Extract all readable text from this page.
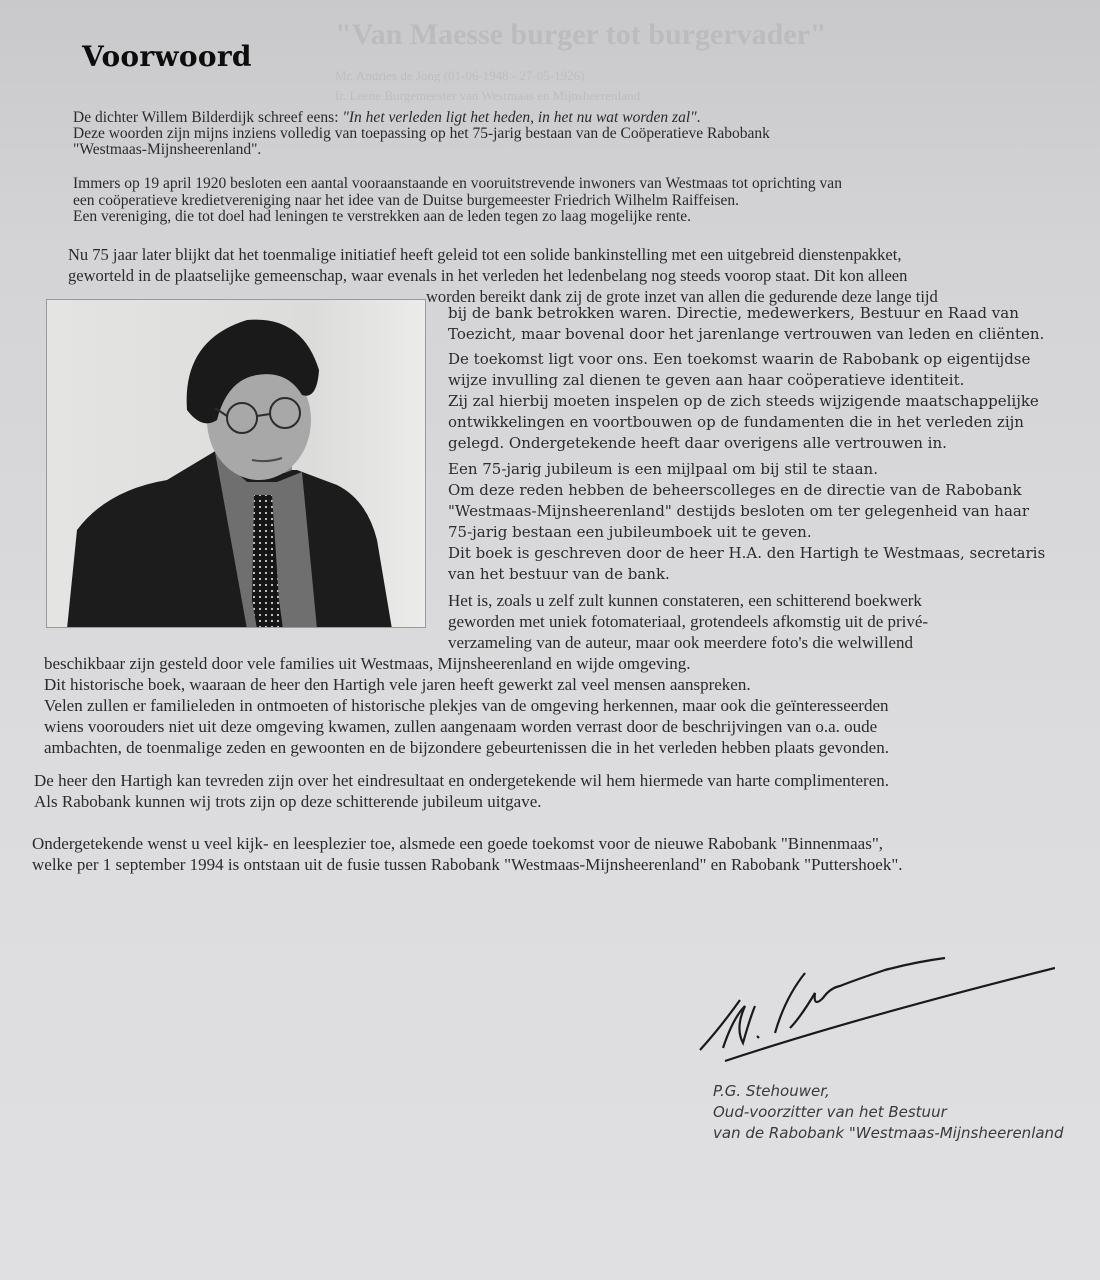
"Van Maesse burger tot burgervader"
Mr. Andries de Jong (01-06-1948 - 27-05-1926)
Ir. Leene Burgemeester van Westmaas en Mijnsheerenland
Voorwoord
De dichter Willem Bilderdijk schreef eens: "In het verleden ligt het heden, in het nu wat worden zal".
Deze woorden zijn mijns inziens volledig van toepassing op het 75-jarig bestaan van de Coöperatieve Rabobank
"Westmaas-Mijnsheerenland".
Immers op 19 april 1920 besloten een aantal vooraanstaande en vooruitstrevende inwoners van Westmaas tot oprichting van
een coöperatieve kredietvereniging naar het idee van de Duitse burgemeester Friedrich Wilhelm Raiffeisen.
Een vereniging, die tot doel had leningen te verstrekken aan de leden tegen zo laag mogelijke rente.
Nu 75 jaar later blijkt dat het toenmalige initiatief heeft geleid tot een solide bankinstelling met een uitgebreid dienstenpakket,
geworteld in de plaatselijke gemeenschap, waar evenals in het verleden het ledenbelang nog steeds voorop staat. Dit kon alleen
worden bereikt dank zij de grote inzet van allen die gedurende deze lange tijd
bij de bank betrokken waren. Directie, medewerkers, Bestuur en Raad van
Toezicht, maar bovenal door het jarenlange vertrouwen van leden en cliënten.
De toekomst ligt voor ons. Een toekomst waarin de Rabobank op eigentijdse
wijze invulling zal dienen te geven aan haar coöperatieve identiteit.
Zij zal hierbij moeten inspelen op de zich steeds wijzigende maatschappelijke
ontwikkelingen en voortbouwen op de fundamenten die in het verleden zijn
gelegd. Ondergetekende heeft daar overigens alle vertrouwen in.
Een 75-jarig jubileum is een mijlpaal om bij stil te staan.
Om deze reden hebben de beheerscolleges en de directie van de Rabobank
"Westmaas-Mijnsheerenland" destijds besloten om ter gelegenheid van haar
75-jarig bestaan een jubileumboek uit te geven.
Dit boek is geschreven door de heer H.A. den Hartigh te Westmaas, secretaris
van het bestuur van de bank.
Het is, zoals u zelf zult kunnen constateren, een schitterend boekwerk
geworden met uniek fotomateriaal, grotendeels afkomstig uit de privé-
verzameling van de auteur, maar ook meerdere foto's die welwillend
beschikbaar zijn gesteld door vele families uit Westmaas, Mijnsheerenland en wijde omgeving.
Dit historische boek, waaraan de heer den Hartigh vele jaren heeft gewerkt zal veel mensen aanspreken.
Velen zullen er familieleden in ontmoeten of historische plekjes van de omgeving herkennen, maar ook die geïnteresseerden
wiens voorouders niet uit deze omgeving kwamen, zullen aangenaam worden verrast door de beschrijvingen van o.a. oude
ambachten, de toenmalige zeden en gewoonten en de bijzondere gebeurtenissen die in het verleden hebben plaats gevonden.
De heer den Hartigh kan tevreden zijn over het eindresultaat en ondergetekende wil hem hiermede van harte complimenteren.
Als Rabobank kunnen wij trots zijn op deze schitterende jubileum uitgave.
Ondergetekende wenst u veel kijk- en leesplezier toe, alsmede een goede toekomst voor de nieuwe Rabobank "Binnenmaas",
welke per 1 september 1994 is ontstaan uit de fusie tussen Rabobank "Westmaas-Mijnsheerenland" en Rabobank "Puttershoek".
P.G. Stehouwer,
Oud-voorzitter van het Bestuur
van de Rabobank "Westmaas-Mijnsheerenland
